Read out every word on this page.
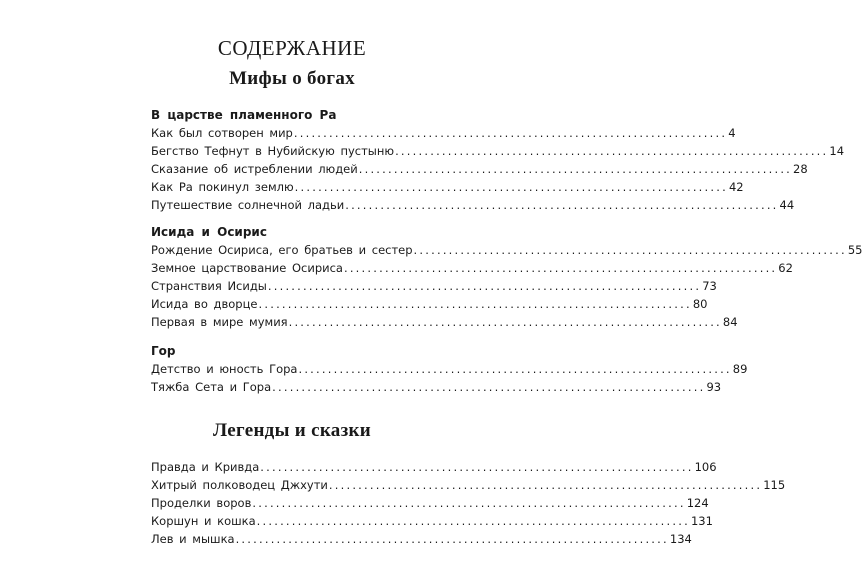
СОДЕРЖАНИЕ
Мифы о богах
В царстве пламенного Ра
Как был сотворен мир .......................................................................... 4
Бегство Тефнут в Нубийскую пустыню .......................................................................... 14
Сказание об истреблении людей .......................................................................... 28
Как Ра покинул землю .......................................................................... 42
Путешествие солнечной ладьи .......................................................................... 44
Исида и Осирис
Рождение Осириса, его братьев и сестер .......................................................................... 55
Земное царствование Осириса .......................................................................... 62
Странствия Исиды .......................................................................... 73
Исида во дворце .......................................................................... 80
Первая в мире мумия .......................................................................... 84
Гор
Детство и юность Гора .......................................................................... 89
Тяжба Сета и Гора .......................................................................... 93
Легенды и сказки
Правда и Кривда .......................................................................... 106
Хитрый полководец Джхути .......................................................................... 115
Проделки воров .......................................................................... 124
Коршун и кошка .......................................................................... 131
Лев и мышка .......................................................................... 134
